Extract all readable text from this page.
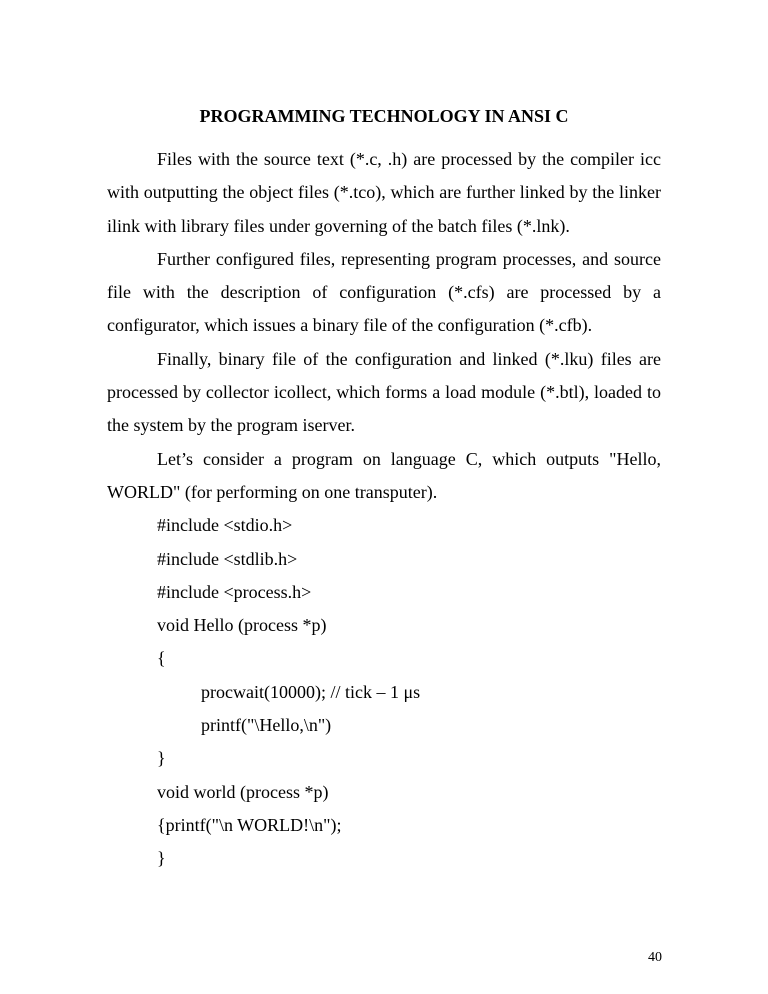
PROGRAMMING TECHNOLOGY IN ANSI C

Files with the source text (*.c, .h) are processed by the compiler icc with outputting the object files (*.tco), which are further linked by the linker ilink with library files under governing of the batch files (*.lnk).

Further configured files, representing program processes, and source file with the description of configuration (*.cfs) are processed by a configurator, which issues a binary file of the configuration (*.cfb).

Finally, binary file of the configuration and linked (*.lku) files are processed by collector icollect, which forms a load module (*.btl), loaded to the system by the program iserver.

Let’s consider a program on language C, which outputs "Hello, WORLD" (for performing on one transputer).

#include <stdio.h>
#include <stdlib.h>
#include <process.h>
void Hello (process *p)
{
procwait(10000); // tick – 1 μs
printf("\Hello,\n")
}
void world (process *p)
{printf("\n WORLD!\n");
}
40
